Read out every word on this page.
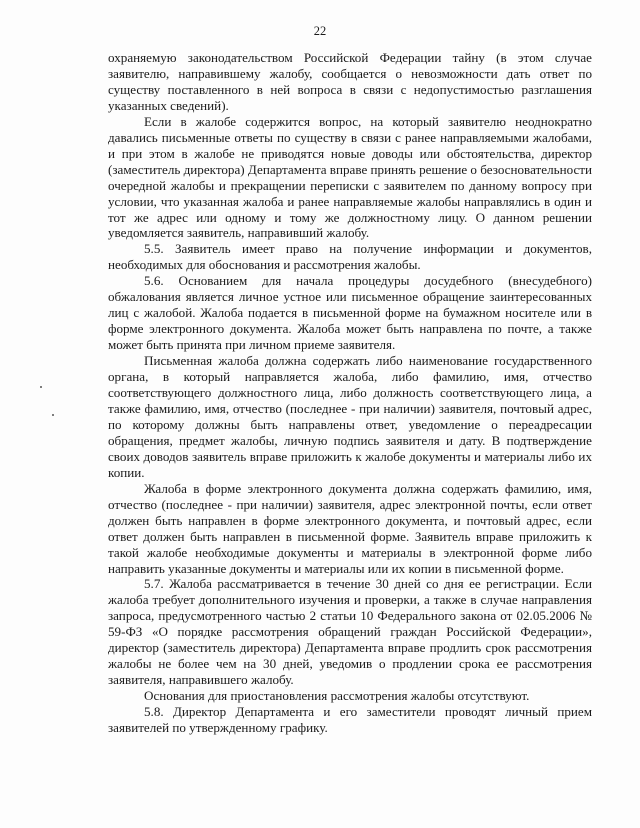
22

охраняемую законодательством Российской Федерации тайну (в этом случае заявителю, направившему жалобу, сообщается о невозможности дать ответ по существу поставленного в ней вопроса в связи с недопустимостью разглашения указанных сведений).

Если в жалобе содержится вопрос, на который заявителю неоднократно давались письменные ответы по существу в связи с ранее направляемыми жалобами, и при этом в жалобе не приводятся новые доводы или обстоятельства, директор (заместитель директора) Департамента вправе принять решение о безосновательности очередной жалобы и прекращении переписки с заявителем по данному вопросу при условии, что указанная жалоба и ранее направляемые жалобы направлялись в один и тот же адрес или одному и тому же должностному лицу. О данном решении уведомляется заявитель, направивший жалобу.

5.5. Заявитель имеет право на получение информации и документов, необходимых для обоснования и рассмотрения жалобы.

5.6. Основанием для начала процедуры досудебного (внесудебного) обжалования является личное устное или письменное обращение заинтересованных лиц с жалобой. Жалоба подается в письменной форме на бумажном носителе или в форме электронного документа. Жалоба может быть направлена по почте, а также может быть принята при личном приеме заявителя.

Письменная жалоба должна содержать либо наименование государственного органа, в который направляется жалоба, либо фамилию, имя, отчество соответствующего должностного лица, либо должность соответствующего лица, а также фамилию, имя, отчество (последнее - при наличии) заявителя, почтовый адрес, по которому должны быть направлены ответ, уведомление о переадресации обращения, предмет жалобы, личную подпись заявителя и дату. В подтверждение своих доводов заявитель вправе приложить к жалобе документы и материалы либо их копии.

Жалоба в форме электронного документа должна содержать фамилию, имя, отчество (последнее - при наличии) заявителя, адрес электронной почты, если ответ должен быть направлен в форме электронного документа, и почтовый адрес, если ответ должен быть направлен в письменной форме. Заявитель вправе приложить к такой жалобе необходимые документы и материалы в электронной форме либо направить указанные документы и материалы или их копии в письменной форме.

5.7. Жалоба рассматривается в течение 30 дней со дня ее регистрации. Если жалоба требует дополнительного изучения и проверки, а также в случае направления запроса, предусмотренного частью 2 статьи 10 Федерального закона от 02.05.2006 № 59-ФЗ «О порядке рассмотрения обращений граждан Российской Федерации», директор (заместитель директора) Департамента вправе продлить срок рассмотрения жалобы не более чем на 30 дней, уведомив о продлении срока ее рассмотрения заявителя, направившего жалобу.

Основания для приостановления рассмотрения жалобы отсутствуют.

5.8. Директор Департамента и его заместители проводят личный прием заявителей по утвержденному графику.
